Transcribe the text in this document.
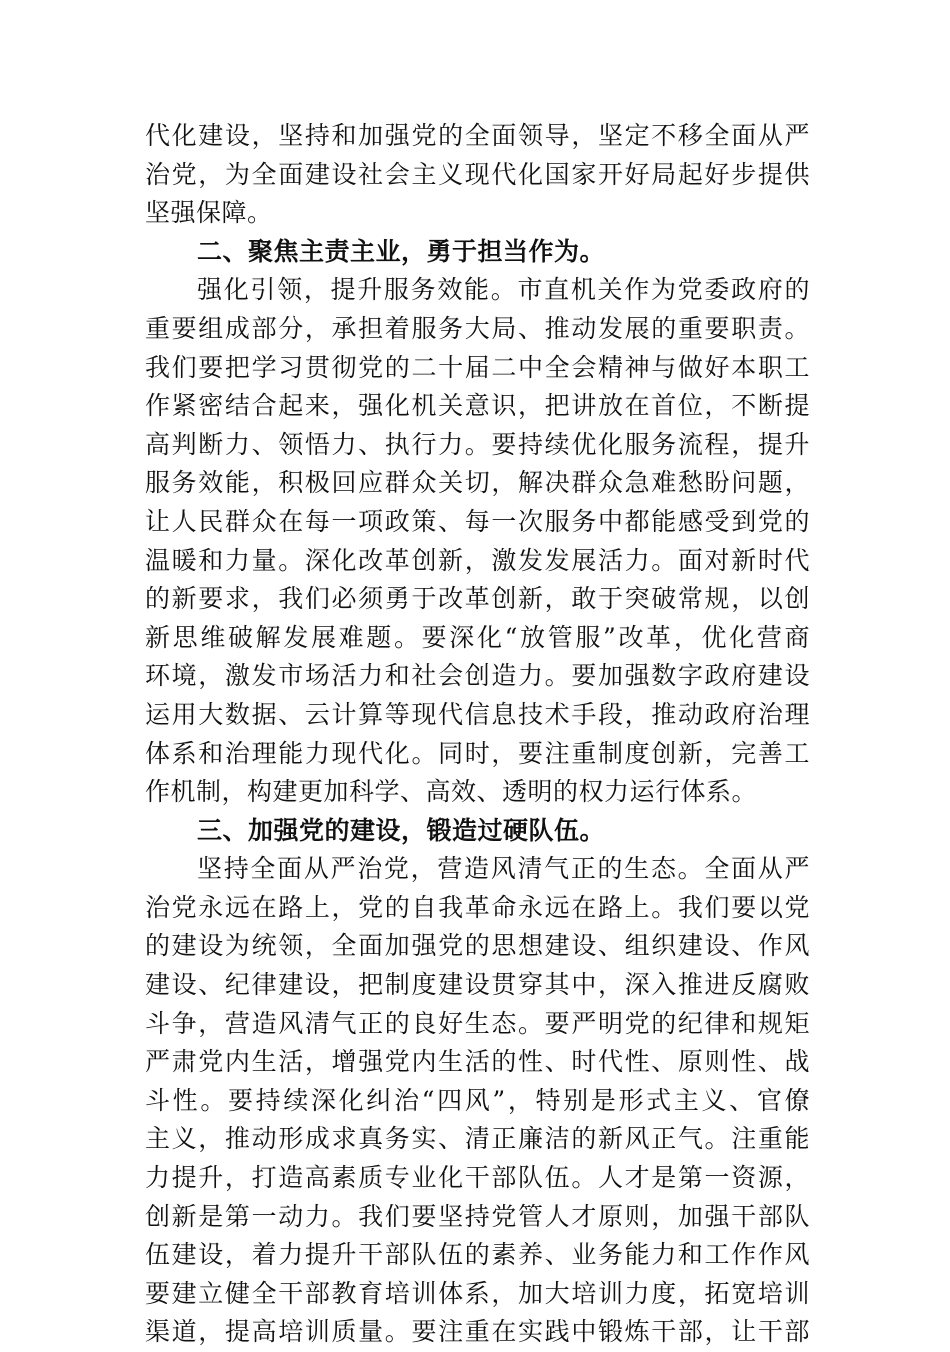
代化建设，坚持和加强党的全面领导，坚定不移全面从严
治党，为全面建设社会主义现代化国家开好局起好步提供
坚强保障。
二、聚焦主责主业，勇于担当作为。
强化引领，提升服务效能。市直机关作为党委政府的
重要组成部分，承担着服务大局、推动发展的重要职责。
我们要把学习贯彻党的二十届二中全会精神与做好本职工
作紧密结合起来，强化机关意识，把讲放在首位，不断提
高判断力、领悟力、执行力。要持续优化服务流程，提升
服务效能，积极回应群众关切，解决群众急难愁盼问题，
让人民群众在每一项政策、每一次服务中都能感受到党的
温暖和力量。深化改革创新，激发发展活力。面对新时代
的新要求，我们必须勇于改革创新，敢于突破常规，以创
新思维破解发展难题。要深化“放管服”改革，优化营商
环境，激发市场活力和社会创造力。要加强数字政府建设
运用大数据、云计算等现代信息技术手段，推动政府治理
体系和治理能力现代化。同时，要注重制度创新，完善工
作机制，构建更加科学、高效、透明的权力运行体系。
三、加强党的建设，锻造过硬队伍。
坚持全面从严治党，营造风清气正的生态。全面从严
治党永远在路上，党的自我革命永远在路上。我们要以党
的建设为统领，全面加强党的思想建设、组织建设、作风
建设、纪律建设，把制度建设贯穿其中，深入推进反腐败
斗争，营造风清气正的良好生态。要严明党的纪律和规矩
严肃党内生活，增强党内生活的性、时代性、原则性、战
斗性。要持续深化纠治“四风”，特别是形式主义、官僚
主义，推动形成求真务实、清正廉洁的新风正气。注重能
力提升，打造高素质专业化干部队伍。人才是第一资源，
创新是第一动力。我们要坚持党管人才原则，加强干部队
伍建设，着力提升干部队伍的素养、业务能力和工作作风
要建立健全干部教育培训体系，加大培训力度，拓宽培训
渠道，提高培训质量。要注重在实践中锻炼干部，让干部
